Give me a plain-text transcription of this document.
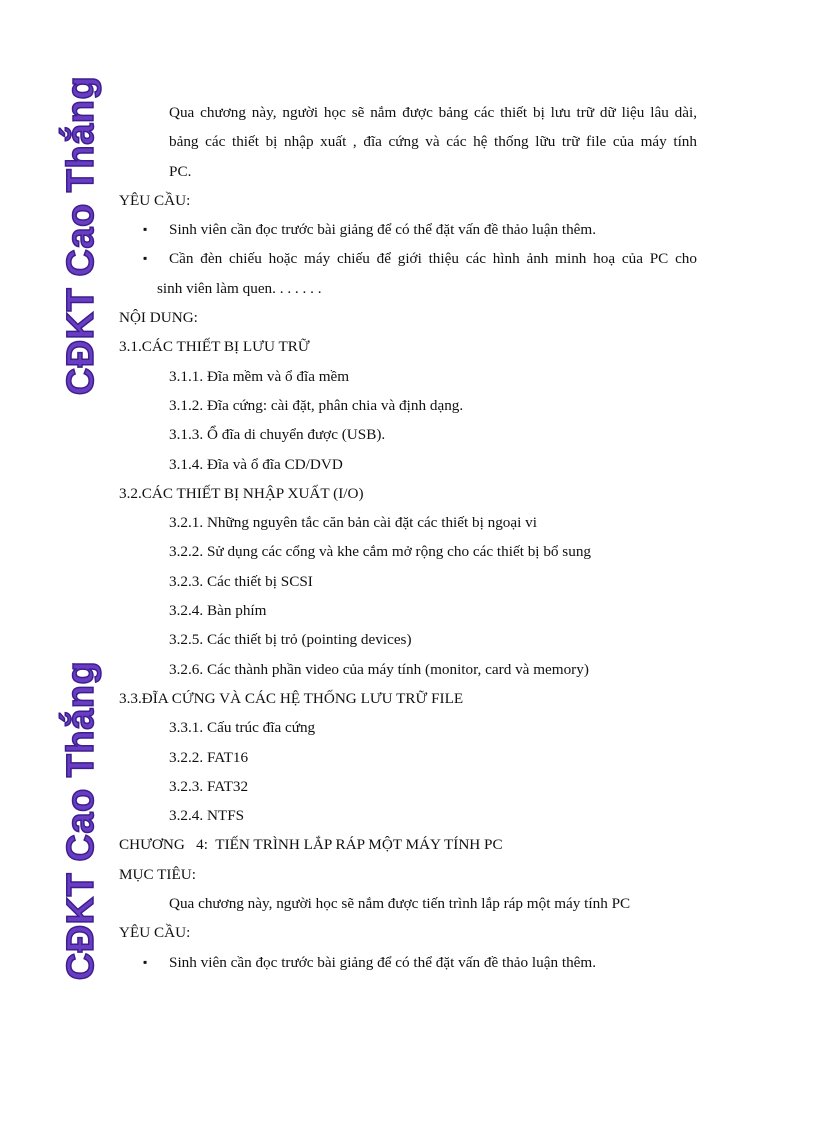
CĐKT Cao Thắng
CĐKT Cao Thắng
Qua chương này, người học sẽ nắm được bảng các thiết bị lưu trữ dữ liệu lâu dài,
bảng các thiết bị nhập xuất , đĩa cứng và các hệ thống lữu trữ file của máy tính
PC.
YÊU CẦU:
▪ Sinh viên cần đọc trước bài giảng để có thể đặt vấn đề thảo luận thêm.
▪ Cần đèn chiếu hoặc máy chiếu để giới thiệu các hình ảnh minh hoạ của PC cho
sinh viên làm quen. . . . . . .
NỘI DUNG:
3.1.CÁC THIẾT BỊ LƯU TRỮ
3.1.1. Đĩa mềm và ổ đĩa mềm
3.1.2. Đĩa cứng: cài đặt, phân chia và định dạng.
3.1.3. Ổ đĩa di chuyển được (USB).
3.1.4. Đĩa và ổ đĩa CD/DVD
3.2.CÁC THIẾT BỊ NHẬP XUẤT (I/O)
3.2.1. Những nguyên tắc căn bản cài đặt các thiết bị ngoại vi
3.2.2. Sử dụng các cổng và khe cắm mở rộng cho các thiết bị bổ sung
3.2.3. Các thiết bị SCSI
3.2.4. Bàn phím
3.2.5. Các thiết bị trỏ (pointing devices)
3.2.6. Các thành phần video của máy tính (monitor, card và memory)
3.3.ĐĨA CỨNG VÀ CÁC HỆ THỐNG LƯU TRỮ FILE
3.3.1. Cấu trúc đĩa cứng
3.2.2. FAT16
3.2.3. FAT32
3.2.4. NTFS
CHƯƠNG   4:  TIẾN TRÌNH LẮP RÁP MỘT MÁY TÍNH PC
MỤC TIÊU:
Qua chương này, người học sẽ nắm được tiến trình lắp ráp một máy tính PC
YÊU CẦU:
▪ Sinh viên cần đọc trước bài giảng để có thể đặt vấn đề thảo luận thêm.
